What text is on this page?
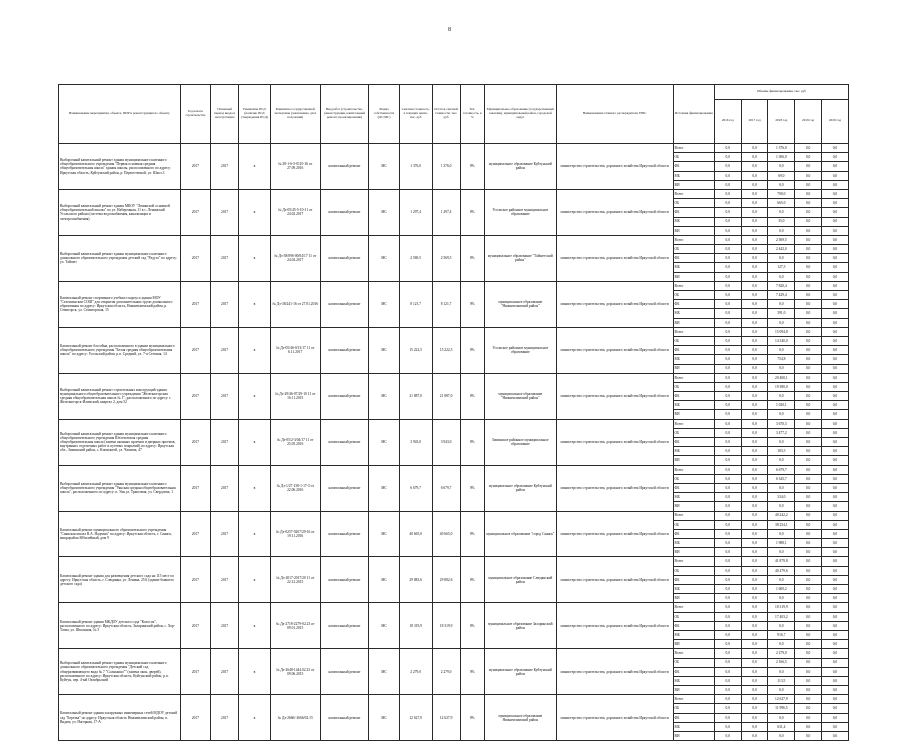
8
Наименование мероприятия, объекта, ПИР и реконструкция по объекту	Год начала строительства	Плановый период ввода в эксплуатацию	Реквизиты ПСД (наличие ПСД утверждения ПСД)	Реквизиты государственной экспертизы (заключение, дата получения)	Вид работ (строительство, реконструкция, капитальный ремонт, проектирование)	Форма собственности (ОС/МС)	Сметная стоимость, в текущих ценах, тыс. руб	Остаток сметной стоимости, тыс. руб	Тех. готовность, в %	Муниципальное образование (государственный заказчик), муниципальный район, городской округ	Наименование главного распорядителя ГРБС	Источник финансирования	Объемы финансирования, тыс. руб				
													2016 год	2017 год	2018 год	2019 год	2020 год
Выборочный капитальный ремонт здания муниципального казенного общеобразовательного учреждения "Первая основная средняя общеобразовательная школа" здания школы, расположенного по адресу: Иркутская область, Куйтунский район, р. Первостепной, ул. Школ.3	2017	2017	в	№ 38-1-6-5-0110-16 от 27.09.2016	капитальный ремонт	МС	1 376,0	1 376,0	0%	муниципальное образование Куйтунский район	министерство строительства, дорожного хозяйства Иркутской области	Всего	0,0	0,0	1 376,0	0,0	0,0
												ОБ	0,0	0,0	1 306,0	0,0	0,0
												ФБ	0,0	0,0	0,0	0,0	0,0
												МБ	0,0	0,0	69,0	0,0	0,0
												ВИ	0,0	0,0	0,0	0,0	0,0
Выборочный капитальный ремонт здания МКОУ "Ленинской основной общеобразовательной школы" по ул. Набережная, 11 в с. Ленинский Усольского района (система водоснабжения, канализация и электроснабжения)	2017	2017	в	№ Дз-05/45-5-10-11 от 24.02.2017	капитальный ремонт	МС	1 297,4	1 297,4	0%	Усольское районное муниципальное образование	министерство строительства, дорожного хозяйства Иркутской области	Всего	0,0	0,0	700,0	0,0	0,0
												ОБ	0,0	0,0	665,0	0,0	0,0
												ФБ	0,0	0,0	0,0	0,0	0,0
												МБ	0,0	0,0	35,0	0,0	0,0
												ВИ	0,0	0,0	0,0	0,0	0,0
Выборочный капитальный ремонт здания муниципального казенного дошкольного образовательного учреждения детский сад "Радуга" по адресу: ул. Тайшет	2017	2017	в	№ Дз-38/096-00/04/17 11 от 24.04.2017	капитальный ремонт	МС	2 569,5	2 569,5	0%	муниципальное образование "Тайшетский район"	министерство строительства, дорожного хозяйства Иркутской области	Всего	0,0	0,0	2 569,5	0,0	0,0
												ОБ	0,0	0,0	2 442,0	0,0	0,0
												ФБ	0,0	0,0	0,0	0,0	0,0
												МБ	0,0	0,0	127,5	0,0	0,0
												ВИ	0,0	0,0	0,0	0,0	0,0
Капитальный ремонт спортивного учебного корпуса здания МОУ "Селенгинская СОШ" для открытия дополнительных групп дошкольного образования по адресу: Иркутская область, Нижнеилимский район, р. Семигорск, ул. Семигорская, 15	2017	2017	в	№ Дз-38/241-16 от 27.01.2016	капитальный ремонт	МС	8 121,7	8 121,7	0%	муниципальное образование "Нижнеилимский район"	министерство строительства, дорожного хозяйства Иркутской области	Всего	0,0	0,0	7 820,4	0,0	0,0
												ОБ	0,0	0,0	7 429,4	0,0	0,0
												ФБ	0,0	0,0	0,0	0,0	0,0
												МБ	0,0	0,0	391,0	0,0	0,0
												ВИ	0,0	0,0	0,0	0,0	0,0
Капитальный ремонт бассейна, расположенного в здании муниципального общеобразовательного учреждения "Белая средняя общеобразовательная школа" по адресу: Усольский район, р.п. Средний, ул. 7-я Степная, 14	2017	2017	в	№ Дз-05/46-0/13/17 11 от 6.11.2017	капитальный ремонт	МС	15 222,5	15 222,5	0%	Усольское районное муниципальное образование	министерство строительства, дорожного хозяйства Иркутской области	Всего	0,0	0,0	15 094,8	0,0	0,0
												ОБ	0,0	0,0	14 340,0	0,0	0,0
												ФБ	0,0	0,0	0,0	0,0	0,0
												МБ	0,0	0,0	754,8	0,0	0,0
												ВИ	0,0	0,0	0,0	0,0	0,0
Выборочный капитальный ремонт строительных конструкций здания муниципального общеобразовательного учреждения "Железногорская средняя общеобразовательная школа № 1", расположенного по адресу: г. Железногорск-Илимский, квартал 2, дом 52	2017	2017	в	№ Дз-29/46-07/29-10 11 от 16.11.2015	капитальный ремонт	МС	21 887,0	21 887,0	0%	муниципальное образование "Нижнеилимский район"	министерство строительства, дорожного хозяйства Иркутской области	Всего	0,0	0,0	20 400,1	0,0	0,0
												ОБ	0,0	0,0	19 380,0	0,0	0,0
												ФБ	0,0	0,0	0,0	0,0	0,0
												МБ	0,0	0,0	1 020,1	0,0	0,0
												ВИ	0,0	0,0	0,0	0,0	0,0
Выборочный капитальный ремонт здания муниципального казенного общеобразовательного учреждения Шелеховская средняя общеобразовательная школа (замена оконных проемов и дверных проемов, внутренних отделочных работ и путевых покрытий) по адресу: Иркутская обл., Зиминский район, с. Кимильтей, ул. Чапаева, 47	2017	2017	в	№ Дз-05/2-3/04/17 11 от 25.05.2016	капитальный ремонт	МС	3 943,0	3 943,0	0%	Зиминское районное муниципальное образование	министерство строительства, дорожного хозяйства Иркутской области	Всего	0,0	0,0	3 670,3	0,0	0,0
												ОБ	0,0	0,0	3 477,2	0,0	0,0
												ФБ	0,0	0,0	0,0	0,0	0,0
												МБ	0,0	0,0	183,5	0,0	0,0
												ВИ	0,0	0,0	0,0	0,0	0,0
Выборочный капитальный ремонт здания муниципального казенного общеобразовательного учреждения "Уянская средняя общеобразовательная школа", расположенного по адресу: п. Уян ул. Трактовая, ул. Свердлова, 1	2017	2017	в	№ Дз-1/27-158-1-17-3 от 22.06.2016	капитальный ремонт	МС	6 679,7	6 679,7	0%	муниципальное образование Куйтунский район	министерство строительства, дорожного хозяйства Иркутской области	Всего	0,0	0,0	6 679,7	0,0	0,0
												ОБ	0,0	0,0	6 345,7	0,0	0,0
												ФБ	0,0	0,0	0,0	0,0	0,0
												МБ	0,0	0,0	334,0	0,0	0,0
												ВИ	0,0	0,0	0,0	0,0	0,0
Капитальный ремонт муниципального образовательного учреждения "Саянская школа В.А. Надеина" по адресу: Иркутская область, г. Саянск, микрорайон Юбилейный, дом 9	2017	2017	в	№ Дз-0257-0207/29-16 от 19.11.2016	капитальный ремонт	МС	40 665,0	40 665,0	0%	муниципальное образование "город Саянск"	министерство строительства, дорожного хозяйства Иркутской области	Всего	0,0	0,0	40 242,2	0,0	0,0
												ОБ	0,0	0,0	38 254,1	0,0	0,0
												ФБ	0,0	0,0	0,0	0,0	0,0
												МБ	0,0	0,0	1 988,1	0,0	0,0
												ВИ	0,0	0,0	0,0	0,0	0,0
Капитальный ремонт здания для размещения детского сада на 115 мест по адресу: Иркутская область, г. Слюдянка, ул. Ленина, 25А (здание бывшего детского сада)	2017	2017	в	№ Дз-2017-2017/20 11 от 22.12.2015	капитальный ремонт	МС	29 883,6	29 882,6	0%	муниципальное образование Слюдянский район	министерство строительства, дорожного хозяйства Иркутской области	Всего	0,0	0,0	41 879,8	0,0	0,0
												ОБ	0,0	0,0	40 279,6	0,0	0,0
												ФБ	0,0	0,0	0,0	0,0	0,0
												МБ	0,0	0,0	1 600,2	0,0	0,0
												ВИ	0,0	0,0	0,0	0,0	0,0
Капитальный ремонт здания МКДОУ детского сада "Колосок", расположенного по адресу: Иркутская область, Заларинский район, с. Хор-Тагна, ул. Школьная, № 5	2017	2017	в	№ Дз-2718-2279-02.23 от 09.01.2015	капитальный ремонт	МС	18 319,9	18 319,9	0%	муниципальное образование Заларинский район	министерство строительства, дорожного хозяйства Иркутской области	Всего	0,0	0,0	18 319,9	0,0	0,0
												ОБ	0,0	0,0	17 403,2	0,0	0,0
												ФБ	0,0	0,0	0,0	0,0	0,0
												МБ	0,0	0,0	916,7	0,0	0,0
												ВИ	0,0	0,0	0,0	0,0	0,0
Выборочный капитальный ремонт здания муниципального казенного дошкольного образовательного учреждения "Детский сад общеразвивающего вида № 7 "Солнышко"" (замена окон, дверей), расположенного по адресу: Иркутская область, Куйтунский район, р.п. Куйтун, пер. 4-ый Октябрьский	2017	2017	в	№ Дз-2648-1444.02.23 от 09.06.2015	капитальный ремонт	МС	2 279,0	2 279,0	0%	муниципальное образование Куйтунский район	министерство строительства, дорожного хозяйства Иркутской области	Всего	0,0	0,0	2 279,0	0,0	0,0
												ОБ	0,0	0,0	2 166,5	0,0	0,0
												ФБ	0,0	0,0	0,0	0,0	0,0
												МБ	0,0	0,0	113,5	0,0	0,0
												ВИ	0,0	0,0	0,0	0,0	0,0
Капитальный ремонт здания и наружных инженерных сетей МДОУ детский сад "Березка" по адресу: Иркутская область Нижнеилимский район, п. Видим, ул. Нагорная, 17-А	2017	2017	в	№ Дз-2666/-2666/02.15	капитальный ремонт	МС	12 627,9	12 627,9	0%	муниципальное образование Нижнеилимский район	министерство строительства, дорожного хозяйства Иркутской области	Всего	0,0	0,0	12 627,9	0,0	0,0
												ОБ	0,0	0,0	11 996,5	0,0	0,0
												ФБ	0,0	0,0	0,0	0,0	0,0
												МБ	0,0	0,0	631,4	0,0	0,0
												ВИ	0,0	0,0	0,0	0,0	0,0
